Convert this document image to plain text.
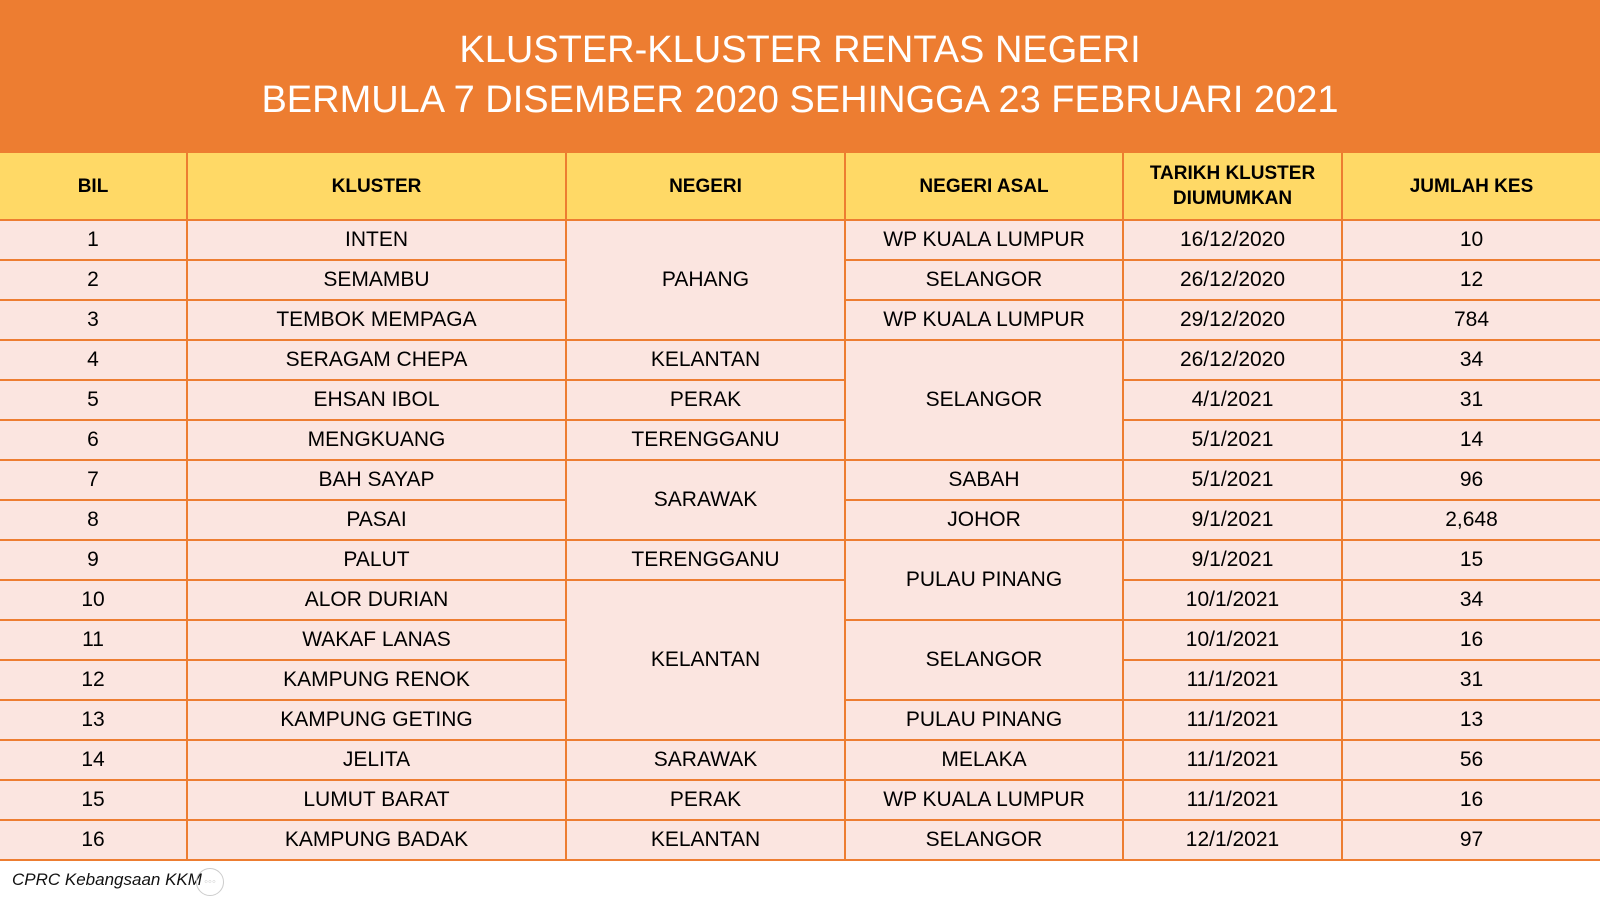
KLUSTER-KLUSTER RENTAS NEGERI
BERMULA 7 DISEMBER 2020 SEHINGGA 23 FEBRUARI 2021
BIL	KLUSTER	NEGERI	NEGERI ASAL	TARIKH KLUSTER DIUMUMKAN	JUMLAH KES
1	INTEN	PAHANG	WP KUALA LUMPUR	16/12/2020	10
2	SEMAMBU		SELANGOR	26/12/2020	12
3	TEMBOK MEMPAGA		WP KUALA LUMPUR	29/12/2020	784
4	SERAGAM CHEPA	KELANTAN	SELANGOR	26/12/2020	34
5	EHSAN IBOL	PERAK		4/1/2021	31
6	MENGKUANG	TERENGGANU		5/1/2021	14
7	BAH SAYAP	SARAWAK	SABAH	5/1/2021	96
8	PASAI		JOHOR	9/1/2021	2,648
9	PALUT	TERENGGANU	PULAU PINANG	9/1/2021	15
10	ALOR DURIAN	KELANTAN		10/1/2021	34
11	WAKAF LANAS		SELANGOR	10/1/2021	16
12	KAMPUNG RENOK			11/1/2021	31
13	KAMPUNG GETING		PULAU PINANG	11/1/2021	13
14	JELITA	SARAWAK	MELAKA	11/1/2021	56
15	LUMUT BARAT	PERAK	WP KUALA LUMPUR	11/1/2021	16
16	KAMPUNG BADAK	KELANTAN	SELANGOR	12/1/2021	97
CPRC Kebangsaan KKM ◦◦◦
